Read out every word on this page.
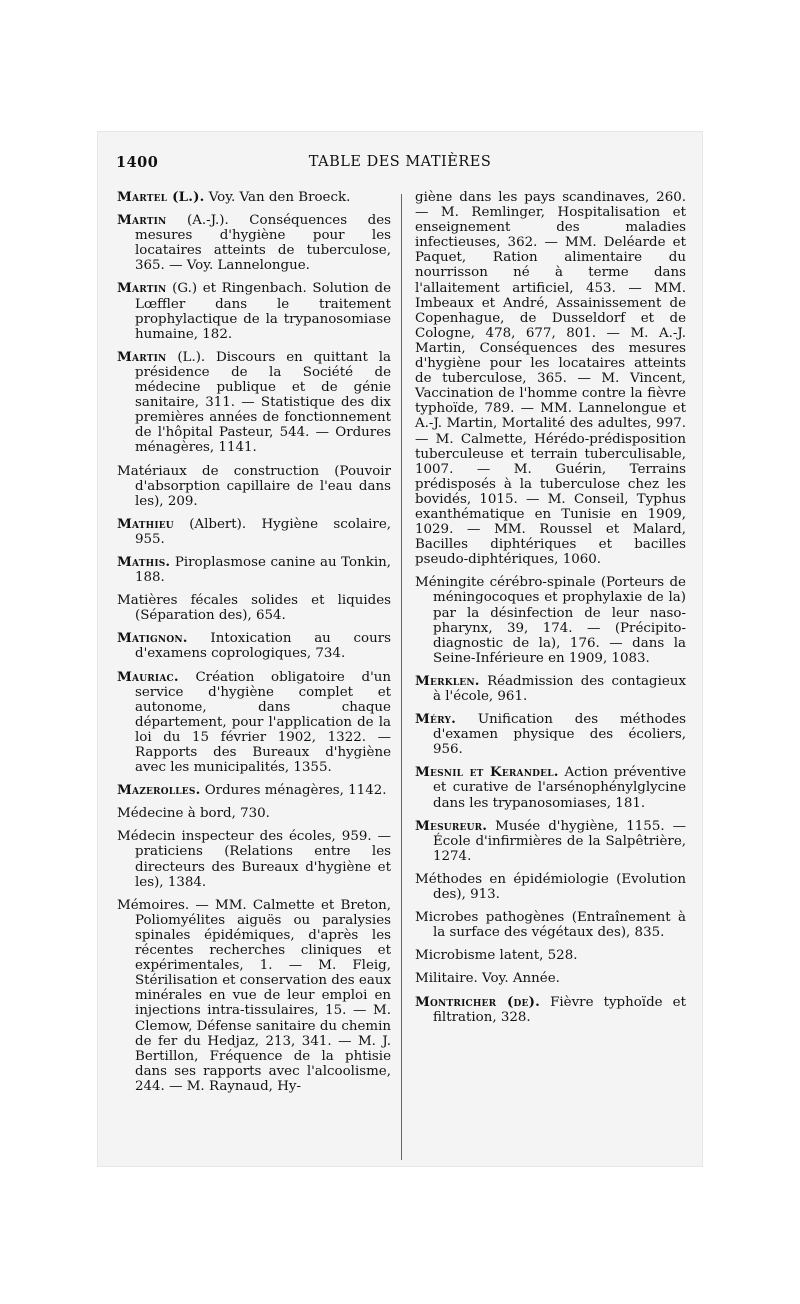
1400	TABLE DES MATIÈRES

Martel (L.). Voy. Van den Broeck.

Martin (A.-J.). Conséquences des mesures d'hygiène pour les locataires atteints de tuberculose, 365. — Voy. Lannelongue.

Martin (G.) et Ringenbach. Solution de Lœffler dans le traitement prophylactique de la trypanosomiase humaine, 182.

Martin (L.). Discours en quittant la présidence de la Société de médecine publique et de génie sanitaire, 311. — Statistique des dix premières années de fonctionnement de l'hôpital Pasteur, 544. — Ordures ménagères, 1141.

Matériaux de construction (Pouvoir d'absorption capillaire de l'eau dans les), 209.

Mathieu (Albert). Hygiène scolaire, 955.

Mathis. Piroplasmose canine au Tonkin, 188.

Matières fécales solides et liquides (Séparation des), 654.

Matignon. Intoxication au cours d'examens coprologiques, 734.

Mauriac. Création obligatoire d'un service d'hygiène complet et autonome, dans chaque département, pour l'application de la loi du 15 février 1902, 1322. — Rapports des Bureaux d'hygiène avec les municipalités, 1355.

Mazerolles. Ordures ménagères, 1142.

Médecine à bord, 730.

Médecin inspecteur des écoles, 959. — praticiens (Relations entre les directeurs des Bureaux d'hygiène et les), 1384.

Mémoires. — MM. Calmette et Breton, Poliomyélites aiguës ou paralysies spinales épidémiques, d'après les récentes recherches cliniques et expérimentales, 1. — M. Fleig, Stérilisation et conservation des eaux minérales en vue de leur emploi en injections intra-tissulaires, 15. — M. Clemow, Défense sanitaire du chemin de fer du Hedjaz, 213, 341. — M. J. Bertillon, Fréquence de la phtisie dans ses rapports avec l'alcoolisme, 244. — M. Raynaud, Hy-

giène dans les pays scandinaves, 260. — M. Remlinger, Hospitalisation et enseignement des maladies infectieuses, 362. — MM. Deléarde et Paquet, Ration alimentaire du nourrisson né à terme dans l'allaitement artificiel, 453. — MM. Imbeaux et André, Assainissement de Copenhague, de Dusseldorf et de Cologne, 478, 677, 801. — M. A.-J. Martin, Conséquences des mesures d'hygiène pour les locataires atteints de tuberculose, 365. — M. Vincent, Vaccination de l'homme contre la fièvre typhoïde, 789. — MM. Lannelongue et A.-J. Martin, Mortalité des adultes, 997. — M. Calmette, Hérédo-prédisposition tuberculeuse et terrain tuberculisable, 1007. — M. Guérin, Terrains prédisposés à la tuberculose chez les bovidés, 1015. — M. Conseil, Typhus exanthématique en Tunisie en 1909, 1029. — MM. Roussel et Malard, Bacilles diphtériques et bacilles pseudo-diphtériques, 1060.

Méningite cérébro-spinale (Porteurs de méningocoques et prophylaxie de la) par la désinfection de leur naso-pharynx, 39, 174. — (Précipito-diagnostic de la), 176. — dans la Seine-Inférieure en 1909, 1083.

Merklen. Réadmission des contagieux à l'école, 961.

Méry. Unification des méthodes d'examen physique des écoliers, 956.

Mesnil et Kerandel. Action préventive et curative de l'arsénophénylglycine dans les trypanosomiases, 181.

Mesureur. Musée d'hygiène, 1155. — École d'infirmières de la Salpêtrière, 1274.

Méthodes en épidémiologie (Evolution des), 913.

Microbes pathogènes (Entraînement à la surface des végétaux des), 835.

Microbisme latent, 528.

Militaire. Voy. Année.

Montricher (de). Fièvre typhoïde et filtration, 328.
